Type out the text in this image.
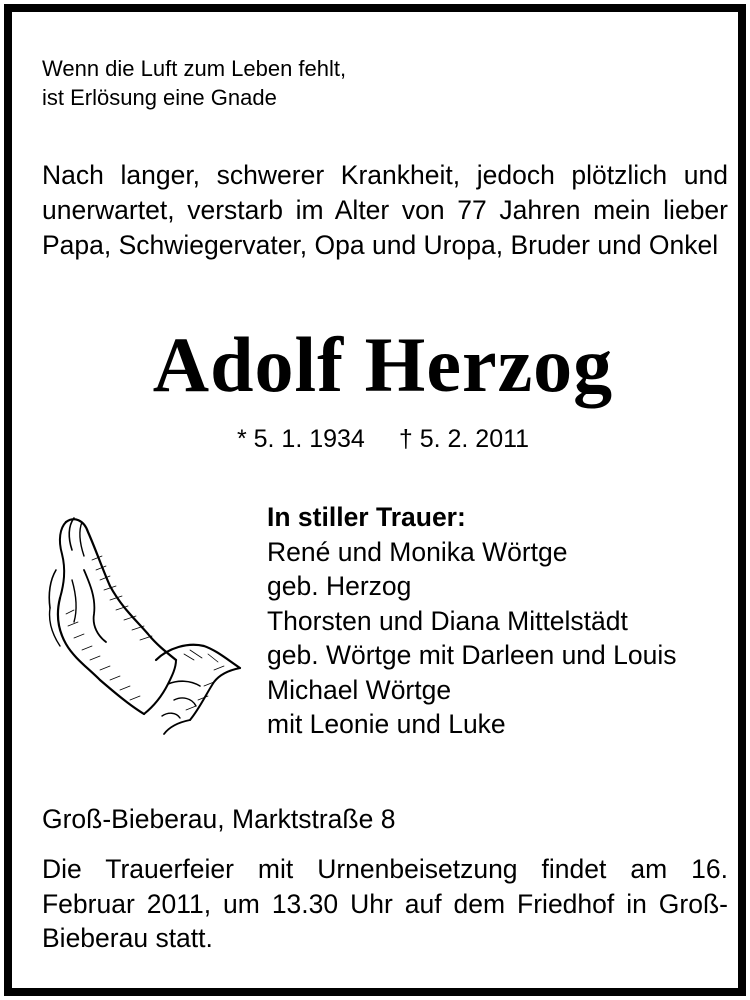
Wenn die Luft zum Leben fehlt,
ist Erlösung eine Gnade

Nach langer, schwerer Krankheit, jedoch plötzlich und unerwartet, verstarb im Alter von 77 Jahren mein lieber Papa, Schwiegervater, Opa und Uropa, Bruder und Onkel

Adolf Herzog
* 5. 1. 1934 † 5. 2. 2011

In stiller Trauer:
René und Monika Wörtge
geb. Herzog
Thorsten und Diana Mittelstädt
geb. Wörtge mit Darleen und Louis
Michael Wörtge
mit Leonie und Luke

Groß-Bieberau, Marktstraße 8

Die Trauerfeier mit Urnenbeisetzung findet am 16. Februar 2011, um 13.30 Uhr auf dem Friedhof in Groß-Bieberau statt.
